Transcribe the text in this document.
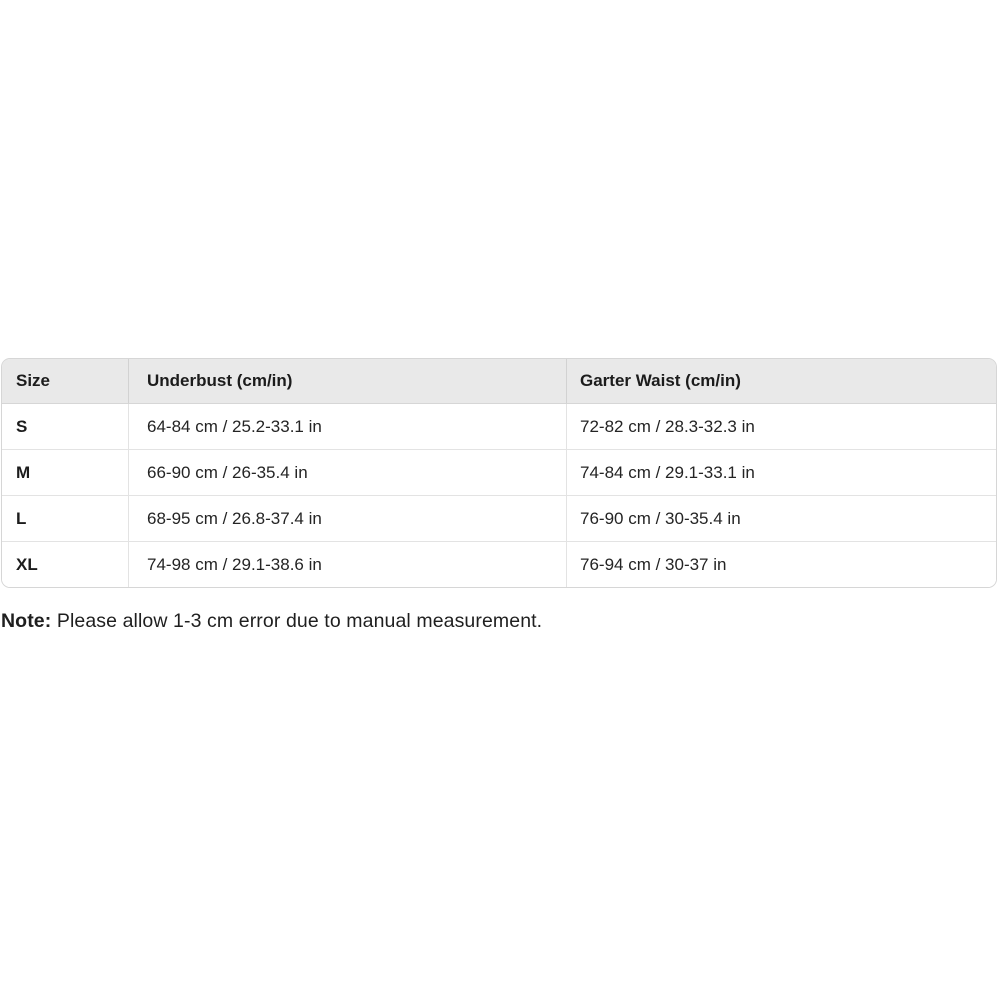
Size	Underbust (cm/in)	Garter Waist (cm/in)
S	64-84 cm / 25.2-33.1 in	72-82 cm / 28.3-32.3 in
M	66-90 cm / 26-35.4 in	74-84 cm / 29.1-33.1 in
L	68-95 cm / 26.8-37.4 in	76-90 cm / 30-35.4 in
XL	74-98 cm / 29.1-38.6 in	76-94 cm / 30-37 in
Note: Please allow 1-3 cm error due to manual measurement.
